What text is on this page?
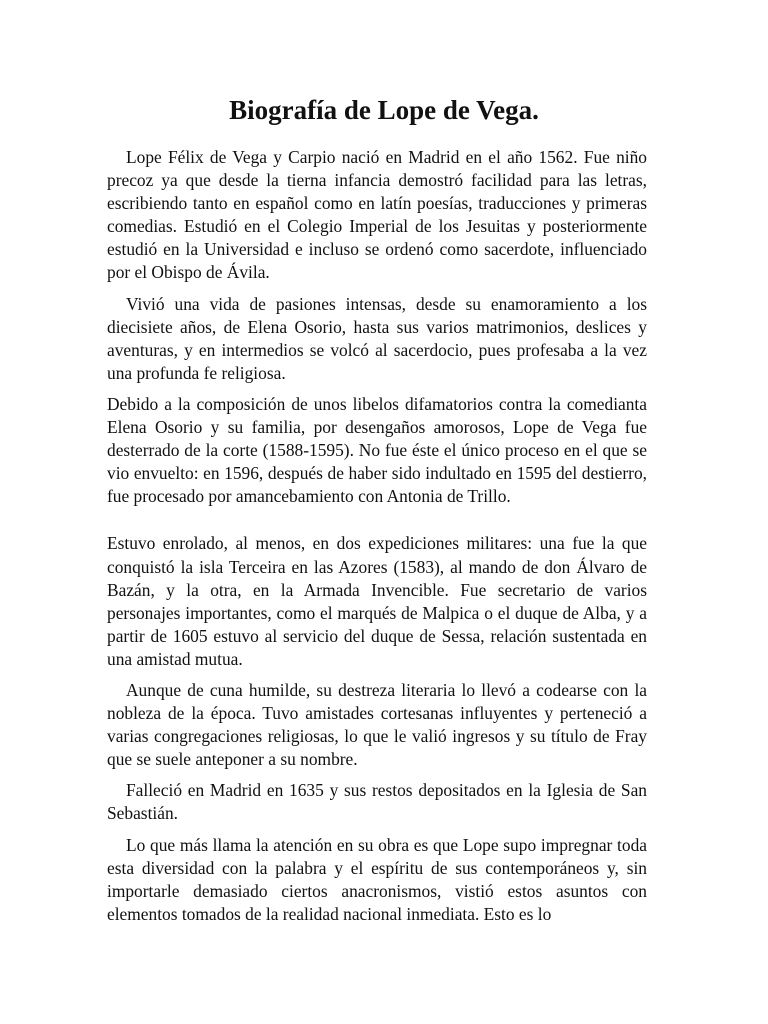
Biografía de Lope de Vega.

Lope Félix de Vega y Carpio nació en Madrid en el año 1562. Fue niño precoz ya que desde la tierna infancia demostró facilidad para las letras, escribiendo tanto en español como en latín poesías, traducciones y primeras comedias. Estudió en el Colegio Imperial de los Jesuitas y posteriormente estudió en la Universidad e incluso se ordenó como sacerdote, influenciado por el Obispo de Ávila.

Vivió una vida de pasiones intensas, desde su enamoramiento a los diecisiete años, de Elena Osorio, hasta sus varios matrimonios, deslices y aventuras, y en intermedios se volcó al sacerdocio, pues profesaba a la vez una profunda fe religiosa.

Debido a la composición de unos libelos difamatorios contra la comedianta Elena Osorio y su familia, por desengaños amorosos, Lope de Vega fue desterrado de la corte (1588-1595). No fue éste el único proceso en el que se vio envuelto: en 1596, después de haber sido indultado en 1595 del destierro, fue procesado por amancebamiento con Antonia de Trillo.

Estuvo enrolado, al menos, en dos expediciones militares: una fue la que conquistó la isla Terceira en las Azores (1583), al mando de don Álvaro de Bazán, y la otra, en la Armada Invencible. Fue secretario de varios personajes importantes, como el marqués de Malpica o el duque de Alba, y a partir de 1605 estuvo al servicio del duque de Sessa, relación sustentada en una amistad mutua.

Aunque de cuna humilde, su destreza literaria lo llevó a codearse con la nobleza de la época. Tuvo amistades cortesanas influyentes y perteneció a varias congregaciones religiosas, lo que le valió ingresos y su título de Fray que se suele anteponer a su nombre.

Falleció en Madrid en 1635 y sus restos depositados en la Iglesia de San Sebastián.

Lo que más llama la atención en su obra es que Lope supo impregnar toda esta diversidad con la palabra y el espíritu de sus contemporáneos y, sin importarle demasiado ciertos anacronismos, vistió estos asuntos con elementos tomados de la realidad nacional inmediata. Esto es lo
